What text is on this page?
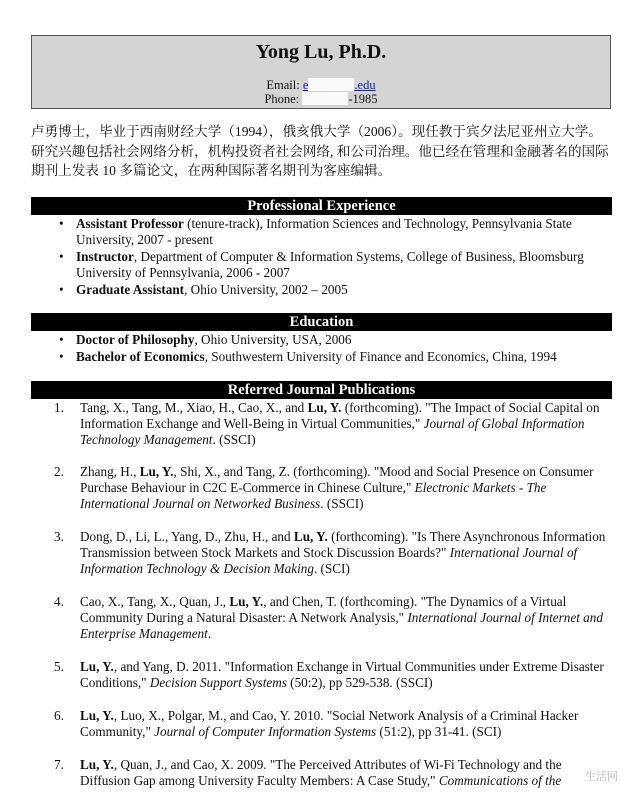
Yong Lu, Ph.D.
Email: e	.edu
Phone:	-1985
卢勇博士，毕业于西南财经大学（1994），俄亥俄大学（2006）。现任教于宾夕法尼亚州立大学。研究兴趣包括社会网络分析，机构投资者社会网络, 和公司治理。他已经在管理和金融著名的国际期刊上发表 10 多篇论文，在两种国际著名期刊为客座编辑。
Professional Experience
• Assistant Professor (tenure-track), Information Sciences and Technology, Pennsylvania State University, 2007 - present
• Instructor, Department of Computer & Information Systems, College of Business, Bloomsburg University of Pennsylvania, 2006 - 2007
• Graduate Assistant, Ohio University, 2002 – 2005
Education
• Doctor of Philosophy, Ohio University, USA, 2006
• Bachelor of Economics, Southwestern University of Finance and Economics, China, 1994
Referred Journal Publications
1. Tang, X., Tang, M., Xiao, H., Cao, X., and Lu, Y. (forthcoming). "The Impact of Social Capital on Information Exchange and Well-Being in Virtual Communities," Journal of Global Information Technology Management. (SSCI)
2. Zhang, H., Lu, Y., Shi, X., and Tang, Z. (forthcoming). "Mood and Social Presence on Consumer Purchase Behaviour in C2C E-Commerce in Chinese Culture," Electronic Markets - The International Journal on Networked Business. (SSCI)
3. Dong, D., Li, L., Yang, D., Zhu, H., and Lu, Y. (forthcoming). "Is There Asynchronous Information Transmission between Stock Markets and Stock Discussion Boards?" International Journal of Information Technology & Decision Making. (SCI)
4. Cao, X., Tang, X., Quan, J., Lu, Y., and Chen, T. (forthcoming). "The Dynamics of a Virtual Community During a Natural Disaster: A Network Analysis," International Journal of Internet and Enterprise Management.
5. Lu, Y., and Yang, D. 2011. "Information Exchange in Virtual Communities under Extreme Disaster Conditions," Decision Support Systems (50:2), pp 529-538. (SSCI)
6. Lu, Y., Luo, X., Polgar, M., and Cao, Y. 2010. "Social Network Analysis of a Criminal Hacker Community," Journal of Computer Information Systems (51:2), pp 31-41. (SCI)
7. Lu, Y., Quan, J., and Cao, X. 2009. "The Perceived Attributes of Wi-Fi Technology and the Diffusion Gap among University Faculty Members: A Case Study," Communications of the	生活网
